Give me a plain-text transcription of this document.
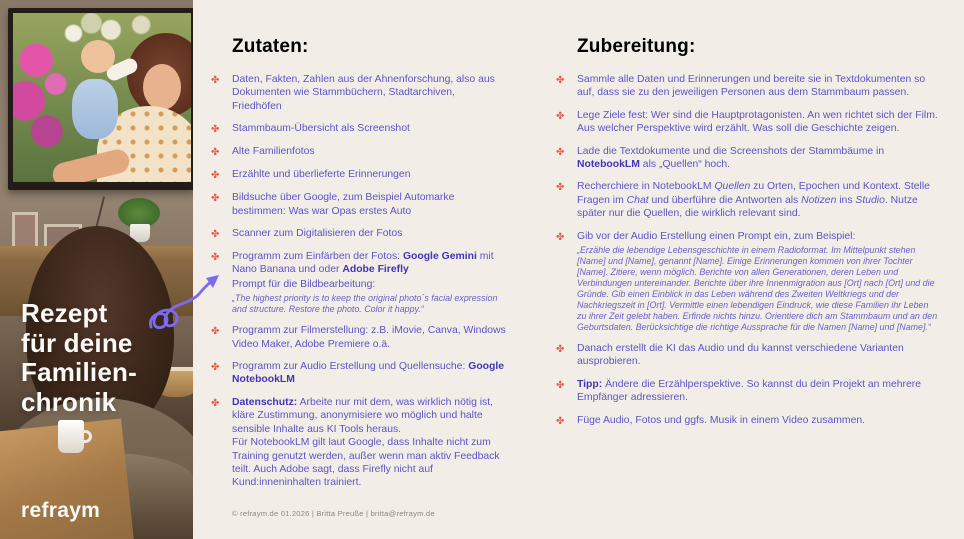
Rezept
für deine
Familien-
chronik
refraym
Zutaten:
✤	Daten, Fakten, Zahlen aus der Ahnenforschung, also aus Dokumenten wie Stammbüchern, Stadtarchiven, Friedhöfen
✤	Stammbaum-Übersicht als Screenshot
✤	Alte Familienfotos
✤	Erzählte und überlieferte Erinnerungen
✤	Bildsuche über Google, zum Beispiel Automarke bestimmen: Was war Opas erstes Auto
✤	Scanner zum Digitalisieren der Fotos
✤	Programm zum Einfärben der Fotos: Google Gemini mit Nano Banana und oder Adobe Firefly
Prompt für die Bildbearbeitung:
„The highest priority is to keep the original photo´s facial expression and structure. Restore the photo. Color it happy.“
✤	Programm zur Filmerstellung: z.B. iMovie, Canva, Windows Video Maker, Adobe Premiere o.ä.
✤	Programm zur Audio Erstellung und Quellensuche: Google NotebookLM
✤	Datenschutz: Arbeite nur mit dem, was wirklich nötig ist, kläre Zustimmung, anonymisiere wo möglich und halte sensible Inhalte aus KI Tools heraus.
Für NotebookLM gilt laut Google, dass Inhalte nicht zum Training genutzt werden, außer wenn man aktiv Feedback teilt. Auch Adobe sagt, dass Firefly nicht auf Kund:inneninhalten trainiert.
Zubereitung:
✤	Sammle alle Daten und Erinnerungen und bereite sie in Textdokumenten so auf, dass sie zu den jeweiligen Personen aus dem Stammbaum passen.
✤	Lege Ziele fest: Wer sind die Hauptprotagonisten. An wen richtet sich der Film. Aus welcher Perspektive wird erzählt. Was soll die Geschichte zeigen.
✤	Lade die Textdokumente und die Screenshots der Stammbäume in NotebookLM als „Quellen“ hoch.
✤	Recherchiere in NotebookLM Quellen zu Orten, Epochen und Kontext. Stelle Fragen im Chat und überführe die Antworten als Notizen ins Studio. Nutze später nur die Quellen, die wirklich relevant sind.
✤	Gib vor der Audio Erstellung einen Prompt ein, zum Beispiel:
„Erzähle die lebendige Lebensgeschichte in einem Radioformat. Im Mittelpunkt stehen [Name] und [Name], genannt [Name]. Einige Erinnerungen kommen von ihrer Tochter [Name]. Zitiere, wenn möglich. Berichte von allen Generationen, deren Leben und Verbindungen untereinander. Berichte über ihre Innenmigration aus [Ort] nach [Ort] und die Gründe. Gib einen Einblick in das Leben während des Zweiten Weltkriegs und der Nachkriegszeit in [Ort]. Vermittle einen lebendigen Eindruck, wie diese Familien ihr Leben zu ihrer Zeit gelebt haben. Erfinde nichts hinzu. Orientiere dich am Stammbaum und an den Geburtsdaten. Berücksichtige die richtige Aussprache für die Namen [Name] und [Name].“
✤	Danach erstellt die KI das Audio und du kannst verschiedene Varianten ausprobieren.
✤	Tipp: Ändere die Erzählperspektive. So kannst du dein Projekt an mehrere Empfänger adressieren.
✤	Füge Audio, Fotos und ggfs. Musik in einem Video zusammen.
© refraym.de 01.2026 | Britta Preuße | britta@refraym.de
